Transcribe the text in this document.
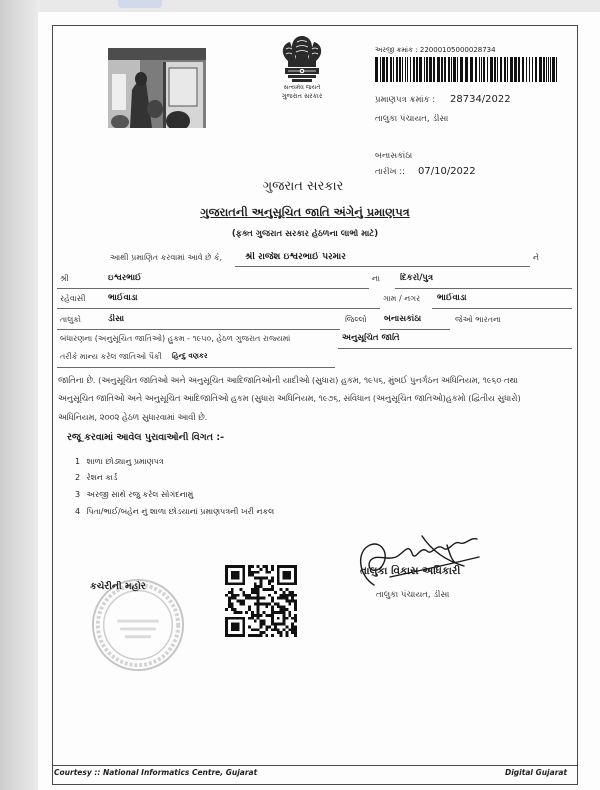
સત્યમેવ જયતે
ગુજરાત સરકાર
અરજી ક્રમાંક : 22000105000028734
પ્રમાણપત્ર ક્રમાંક :	28734/2022
તાલુકા પંચાયત, ડીસા
બનાસકાંઠા
તારીખ ::	07/10/2022
ગુજરાત સરકાર
ગુજરાતની અનુસૂચિત જાતિ અંગેનું પ્રમાણપત્ર
(ફક્ત ગુજરાત સરકાર હેઠળના લાભો માટે)
આથી પ્રમાણિત કરવામાં આવે છે કે,	શ્રી રાજેશ ઇશ્વરભાઈ પરમાર	ને
શ્રી	ઇશ્વરભાઈ	ના	દિકરો/પુત્ર
રહેવાસી	ભાઈવાડા	ગામ / નગર	ભાઈવાડા
તાલુકો	ડીસા	જિલ્લો	બનાસકાંઠા	જેઓ ભારતના
બંધારણના (અનુસૂચિત જાતિઓ) હુકમ - ૧૯૫૦, હેઠળ ગુજરાત રાજ્યમાં	અનુસૂચિત જાતિ
તરીકે માન્ય કરેલ જાતિઓ પૈકી	હિન્દુ વણકર
જાતિના છે. (અનુસૂચિત જાતિઓ અને અનુસૂચિત આદિજાતિઓની યાદીઓ (સુધારા) હુકમ, ૧૯૫૬, મુંબઈ પુનર્ગઠન અધિનિયમ, ૧૯૬૦ તથા
અનુસૂચિત જાતિઓ અને અનુસૂચિત આદિજાતિઓ હુકમ (સુધારા અધિનિયમ, ૧૯૭૬, સંવિધાન (અનુસૂચિત જાતિઓ)હુકમો (દ્વિતીય સુધારો)
અધિનિયમ, ૨૦૦૨ હેઠળ સુધારવામાં આવી છે.
રજૂ કરવામાં આવેલ પુરાવાઓની વિગત :-
1 શાળા છોડ્યાનુ પ્રમાણપત્ર
2 રેશન કાર્ડ
3 અરજી સાથે રજુ કરેલ સોગંદનામું
4 પિતા/ભાઈ/બહેન નું શાળા છોડયાનાં પ્રમાણપત્રની ખરી નકલ
કચેરીની મહોર
તાલુકા વિકાસ અધિકારી
તાલુકા પંચાયત, ડીસા
Courtesy :: National Informatics Centre, Gujarat	Digital Gujarat
